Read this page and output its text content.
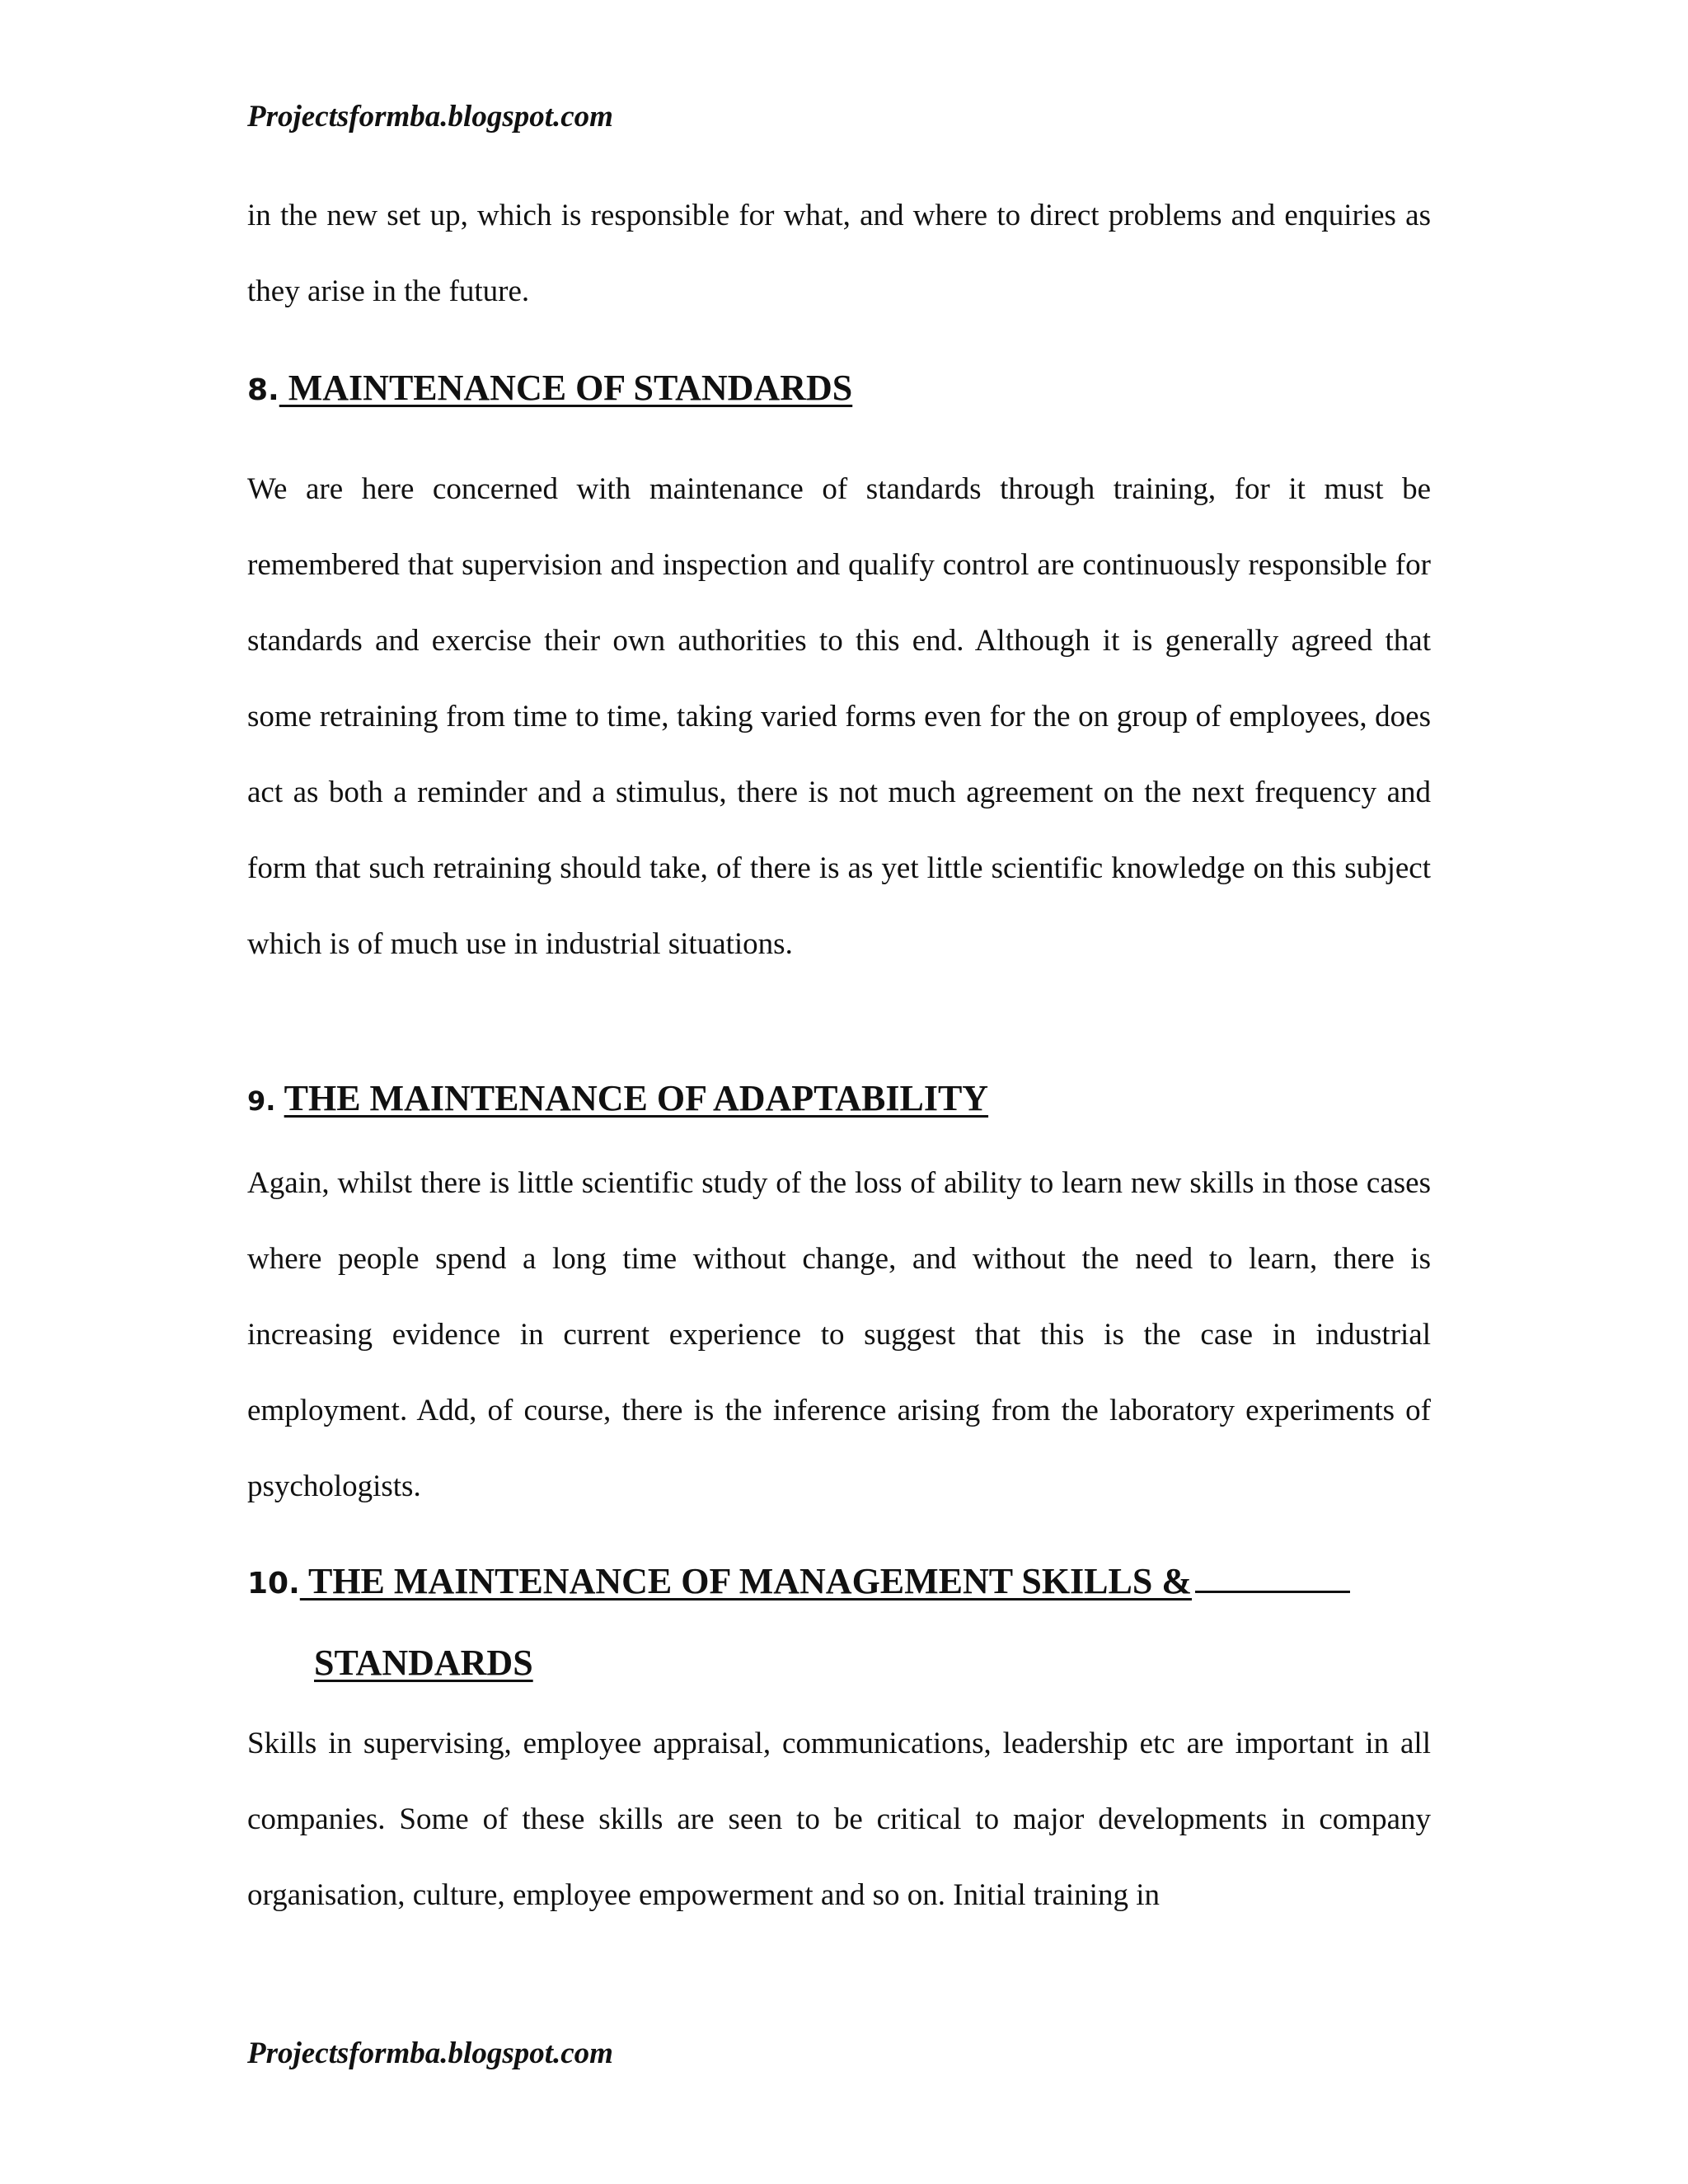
Projectsformba.blogspot.com

in the new set up, which is responsible for what, and where to direct problems and enquiries as they arise in the future.

8. MAINTENANCE OF STANDARDS

We are here concerned with maintenance of standards through training, for it must be remembered that supervision and inspection and qualify control are continuously responsible for standards and exercise their own authorities to this end. Although it is generally agreed that some retraining from time to time, taking varied forms even for the on group of employees, does act as both a reminder and a stimulus, there is not much agreement on the next frequency and form that such retraining should take, of there is as yet little scientific knowledge on this subject which is of much use in industrial situations.

9. THE MAINTENANCE OF ADAPTABILITY

Again, whilst there is little scientific study of the loss of ability to learn new skills in those cases where people spend a long time without change, and without the need to learn, there is increasing evidence in current experience to suggest that this is the case in industrial employment. Add, of course, there is the inference arising from the laboratory experiments of psychologists.

10. THE MAINTENANCE OF MANAGEMENT SKILLS &
STANDARDS

Skills in supervising, employee appraisal, communications, leadership etc are important in all companies. Some of these skills are seen to be critical to major developments in company organisation, culture, employee empowerment and so on. Initial training in

Projectsformba.blogspot.com
